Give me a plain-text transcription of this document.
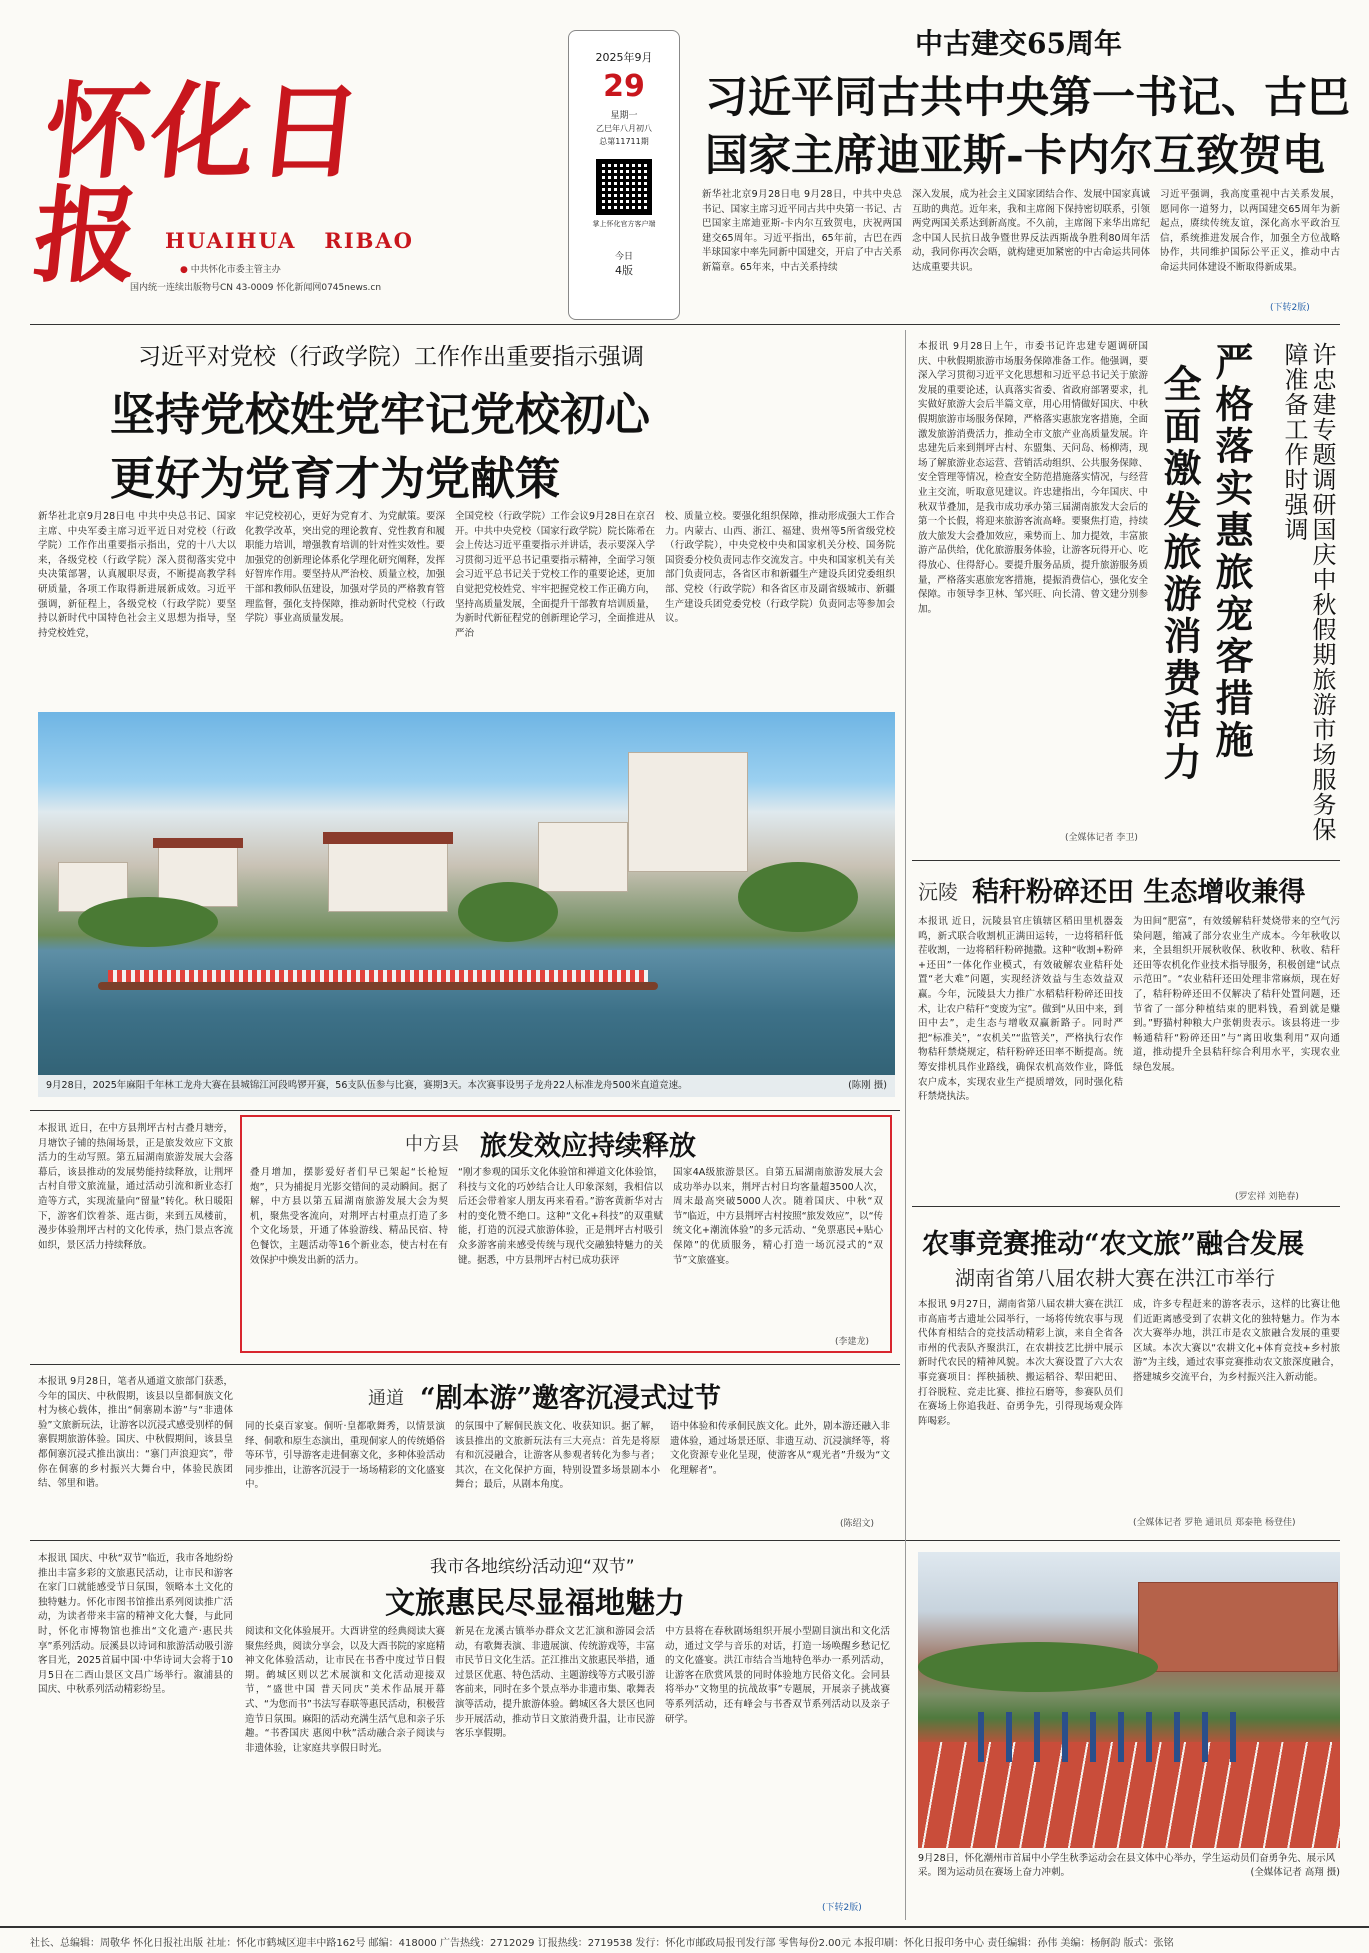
怀化日报 HUAIHUA   RIBAO
● 中共怀化市委主管主办
国内统一连续出版物号CN 43-0009 怀化新闻网0745news.cn
2025年9月
29
星期一
乙巳年八月初八
总第11711期
掌上怀化官方客户端
今日
4版
中古建交65周年
习近平同古共中央第一书记、古巴
国家主席迪亚斯-卡内尔互致贺电
新华社北京9月28日电 9月28日，中共中央总书记、国家主席习近平同古共中央第一书记、古巴国家主席迪亚斯-卡内尔互致贺电，庆祝两国建交65周年。习近平指出，65年前，古巴在西半球国家中率先同新中国建交，开启了中古关系新篇章。65年来，中古关系持续
深入发展，成为社会主义国家团结合作、发展中国家真诚互助的典范。近年来，我和主席阁下保持密切联系，引领两党两国关系达到新高度。不久前，主席阁下来华出席纪念中国人民抗日战争暨世界反法西斯战争胜利80周年活动，我同你再次会晤，就构建更加紧密的中古命运共同体达成重要共识。
习近平强调，我高度重视中古关系发展，愿同你一道努力，以两国建交65周年为新起点，赓续传统友谊，深化高水平政治互信，系统推进发展合作，加强全方位战略协作，共同维护国际公平正义，推动中古命运共同体建设不断取得新成果。
(下转2版)
习近平对党校（行政学院）工作作出重要指示强调
坚持党校姓党牢记党校初心
更好为党育才为党献策
新华社北京9月28日电 中共中央总书记、国家主席、中央军委主席习近平近日对党校（行政学院）工作作出重要指示指出，党的十八大以来，各级党校（行政学院）深入贯彻落实党中央决策部署，认真履职尽责，不断提高教学科研质量，各项工作取得新进展新成效。习近平强调，新征程上，各级党校（行政学院）要坚持以新时代中国特色社会主义思想为指导，坚持党校姓党，
牢记党校初心，更好为党育才、为党献策。要深化教学改革，突出党的理论教育、党性教育和履职能力培训，增强教育培训的针对性实效性。要加强党的创新理论体系化学理化研究阐释，发挥好智库作用。要坚持从严治校、质量立校，加强干部和教师队伍建设，加强对学员的严格教育管理监督，强化支持保障，推动新时代党校（行政学院）事业高质量发展。
全国党校（行政学院）工作会议9月28日在京召开。中共中央党校（国家行政学院）院长陈希在会上传达习近平重要指示并讲话，表示要深入学习贯彻习近平总书记重要指示精神，全面学习领会习近平总书记关于党校工作的重要论述，更加自觉把党校姓党、牢牢把握党校工作正确方向，坚持高质量发展，全面提升干部教育培训质量，为新时代新征程党的创新理论学习，全面推进从严治
校、质量立校。要强化组织保障，推动形成强大工作合力。内蒙古、山西、浙江、福建、贵州等5所省级党校（行政学院），中央党校中央和国家机关分校、国务院国资委分校负责同志作交流发言。中央和国家机关有关部门负责同志，各省区市和新疆生产建设兵团党委组织部、党校（行政学院）和各省区市及副省级城市、新疆生产建设兵团党委党校（行政学院）负责同志等参加会议。
9月28日，2025年麻阳千年林工龙舟大赛在县城锦江河段鸣锣开赛，56支队伍参与比赛，赛期3天。本次赛事设男子龙舟22人标准龙舟500米直道竞速。	(陈刚 摄)
本报讯 9月28日上午，市委书记许忠建专题调研国庆、中秋假期旅游市场服务保障准备工作。他强调，要深入学习贯彻习近平文化思想和习近平总书记关于旅游发展的重要论述，认真落实省委、省政府部署要求，扎实做好旅游大会后半篇文章，用心用情做好国庆、中秋假期旅游市场服务保障，严格落实惠旅宠客措施，全面激发旅游消费活力，推动全市文旅产业高质量发展。许忠建先后来到荆坪古村、东盟集、天问岛、杨柳湾，现场了解旅游业态运营、营销活动组织、公共服务保障、安全管理等情况，检查安全防范措施落实情况，与经营业主交流，听取意见建议。许忠建指出，今年国庆、中秋双节叠加，是我市成功承办第三届湖南旅发大会后的第一个长假，将迎来旅游客流高峰。要聚焦打造，持续放大旅发大会叠加效应，乘势而上、加力提效，丰富旅游产品供给，优化旅游服务体验，让游客玩得开心、吃得放心、住得舒心。要提升服务品质，提升旅游服务质量，严格落实惠旅宠客措施，提振消费信心，强化安全保障。市领导李卫林、邹兴旺、向长清、曾文建分别参加。
(全媒体记者 李卫)
严格落实惠旅宠客措施
全面激发旅游消费活力	许忠建专题调研国庆中秋假期旅游市场服务保障准备工作时强调
沅陵 秸秆粉碎还田 生态增收兼得
本报讯 近日，沅陵县官庄镇辖区稻田里机器轰鸣，新式联合收割机正满田运转，一边将稻秆低茬收割，一边将稻秆粉碎抛撒。这种“收割+粉碎+还田”一体化作业模式，有效破解农业秸秆处置“老大难”问题，实现经济效益与生态效益双赢。今年，沅陵县大力推广水稻秸秆粉碎还田技术，让农户秸秆“变废为宝”。做到“从田中来，到田中去”，走生态与增收双赢新路子。同时严把“标准关”，“农机关”“监管关”，严格执行农作物秸秆禁烧规定，秸秆粉碎还田率不断提高。统筹安排机具作业路线，确保农机高效作业，降低农户成本，实现农业生产提质增效，同时强化秸秆禁烧执法。
为田间“肥富”，有效缓解秸秆焚烧带来的空气污染问题，缩减了部分农业生产成本。今年秋收以来，全县组织开展秋收保、秋收种、秋收、秸秆还田等农机化作业技术指导服务，积极创建“试点示范田”。“农业秸秆还田处理非常麻烦，现在好了，秸秆粉碎还田不仅解决了秸秆处置问题，还节省了一部分种植结束的肥料钱，看到就是赚到。”野猫村种粮大户张朝贵表示。该县将进一步畅通秸秆“粉碎还田”与“离田收集利用”双向通道，推动提升全县秸秆综合利用水平，实现农业绿色发展。
(罗宏祥 刘艳春)
农事竞赛推动“农文旅”融合发展
湖南省第八届农耕大赛在洪江市举行
本报讯 9月27日，湖南省第八届农耕大赛在洪江市高庙考古遗址公园举行，一场将传统农事与现代体育相结合的竞技活动精彩上演，来自全省各市州的代表队齐聚洪江，在农耕技艺比拼中展示新时代农民的精神风貌。本次大赛设置了六大农事竞赛项目：挥秧插秧、搬运稻谷、犁田耙田、打谷脱粒、竞走比赛、推拉石磨等，参赛队员们在赛场上你追我赶、奋勇争先，引得现场观众阵阵喝彩。
成，许多专程赶来的游客表示，这样的比赛让他们近距离感受到了农耕文化的独特魅力。作为本次大赛举办地，洪江市是农文旅融合发展的重要区域。本次大赛以“农耕文化+体育竞技+乡村旅游”为主线，通过农事竞赛推动农文旅深度融合，搭建城乡交流平台，为乡村振兴注入新动能。
(全媒体记者 罗艳 通讯员 郑泰艳 杨登佳)
本报讯 近日，在中方县荆坪古村古叠月塘旁，月塘饮子铺的热闹场景，正是旅发效应下文旅活力的生动写照。第五届湖南旅游发展大会落幕后，该县推动的发展势能持续释放，让荆坪古村自带文旅流量，通过活动引流和新业态打造等方式，实现流量向“留量”转化。秋日暖阳下，游客们饮着茶、逛古街，来到五凤楼前，漫步体验荆坪古村的文化传承，热门景点客流如织，景区活力持续释放。
中方县 旅发效应持续释放
叠月增加，摆影爱好者们早已架起“长枪短炮”，只为捕捉月光影交错间的灵动瞬间。据了解，中方县以第五届湖南旅游发展大会为契机，聚焦受客流向，对荆坪古村重点打造了多个文化场景，开通了体验游线、精品民宿、特色餐饮，主题活动等16个新业态，使古村在有效保护中焕发出新的活力。
“刚才参观的国乐文化体验馆和禅道文化体验馆，科技与文化的巧妙结合让人印象深刻，我相信以后还会带着家人朋友再来看看。”游客黄新华对古村的变化赞不绝口。这种“文化+科技”的双重赋能，打造的沉浸式旅游体验，正是荆坪古村吸引众多游客前来感受传统与现代交融独特魅力的关键。据悉，中方县荆坪古村已成功获评
国家4A级旅游景区。自第五届湖南旅游发展大会成功举办以来，荆坪古村日均客量超3500人次，周末最高突破5000人次。随着国庆、中秋“双节”临近，中方县荆坪古村按照“旅发效应”，以“传统文化+潮流体验”的多元活动、“免票惠民+贴心保障”的优质服务，精心打造一场沉浸式的“双节”文旅盛宴。
(李建龙)
本报讯 9月28日，笔者从通道文旅部门获悉，今年的国庆、中秋假期，该县以皇都侗族文化村为核心载体，推出“侗寨剧本游”与“非遗体验”文旅新玩法，让游客以沉浸式感受别样的侗寨假期旅游体验。国庆、中秋假期间，该县皇都侗寨沉浸式推出演出：“寨门声浪迎宾”，带你在侗寨的乡村振兴大舞台中，体验民族团结、邻里和谐。
通道 “剧本游”邀客沉浸式过节
同的长桌百家宴。侗听·皇都歌舞秀，以情景演绎、侗歌和原生态演出，重现侗家人的传统婚俗等环节，引导游客走进侗寨文化，多种体验活动同步推出，让游客沉浸于一场场精彩的文化盛宴中。
的氛围中了解侗民族文化、收获知识。据了解，该县推出的文旅新玩法有三大亮点：首先是将原有和沉浸融合，让游客从参观者转化为参与者；其次，在文化保护方面，特别设置多场景剧本小舞台；最后，从剧本角度。
语中体验和传承侗民族文化。此外，剧本游还融入非遗体验，通过场景还原、非遗互动、沉浸演绎等，将文化资源专业化呈现，使游客从“观光者”升级为“文化理解者”。
(陈绍文)
本报讯 国庆、中秋“双节”临近，我市各地纷纷推出丰富多彩的文旅惠民活动，让市民和游客在家门口就能感受节日氛围，领略本土文化的独特魅力。怀化市图书馆推出系列阅读推广活动，为读者带来丰富的精神文化大餐，与此同时，怀化市博物馆也推出“文化遗产·惠民共享”系列活动。辰溪县以诗词和旅游活动吸引游客目光，2025首届中国·中华诗词大会将于10月5日在二酉山景区文昌广场举行。溆浦县的国庆、中秋系列活动精彩纷呈。
我市各地缤纷活动迎“双节”
文旅惠民尽显福地魅力
阅读和文化体验展开。大酉讲堂的经典阅读大赛聚焦经典，阅读分享会，以及大酉书院的家庭精神文化体验活动，让市民在书香中度过节日假期。鹤城区则以艺术展演和文化活动迎接双节，“盛世中国 普天同庆”美术作品展开幕式、“为您而书”书法写春联等惠民活动，积极营造节日氛围。麻阳的活动充满生活气息和亲子乐趣。“书香国庆 惠阅中秋”活动融合亲子阅读与非遗体验，让家庭共享假日时光。
新晃在龙溪古镇举办群众文艺汇演和游园会活动，有歌舞表演、非遗展演、传统游戏等，丰富市民节日文化生活。芷江推出文旅惠民举措，通过景区优惠、特色活动、主题游线等方式吸引游客前来，同时在多个景点举办非遗市集、歌舞表演等活动，提升旅游体验。鹤城区各大景区也同步开展活动，推动节日文旅消费升温，让市民游客乐享假期。
中方县将在春秋剧场组织开展小型剧目演出和文化活动，通过文学与音乐的对话，打造一场唤醒乡愁记忆的文化盛宴。洪江市结合当地特色举办一系列活动，让游客在欣赏风景的同时体验地方民俗文化。会同县将举办“文物里的抗战故事”专题展，开展亲子挑战赛等系列活动，还有峰会与书香双节系列活动以及亲子研学。
(下转2版)
9月28日，怀化潮州市首届中小学生秋季运动会在县文体中心举办，学生运动员们奋勇争先、展示风采。图为运动员在赛场上奋力冲刺。	(全媒体记者 高翔 摄)
社长、总编辑：周敬华 怀化日报社出版 社址：怀化市鹤城区迎丰中路162号 邮编：418000 广告热线：2712029 订报热线：2719538 发行：怀化市邮政局报刊发行部 零售每份2.00元 本报印刷：怀化日报印务中心 责任编辑：孙伟 美编：杨舸韵 版式：张铭
